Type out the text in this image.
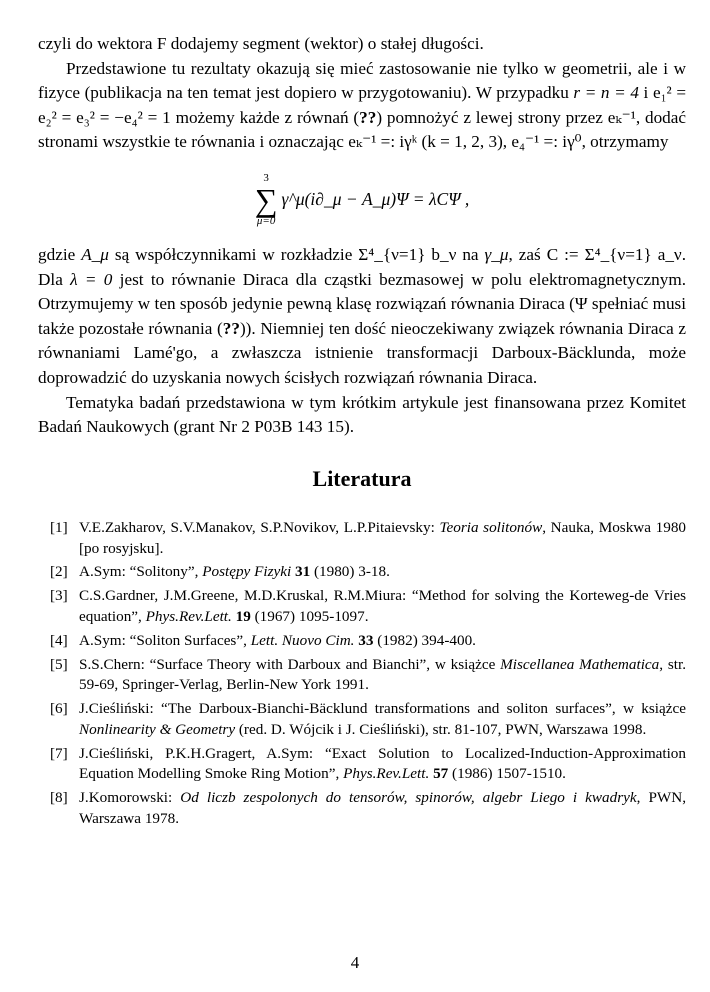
czyli do wektora F dodajemy segment (wektor) o stałej długości.

Przedstawione tu rezultaty okazują się mieć zastosowanie nie tylko w geometrii, ale i w fizyce (publikacja na ten temat jest dopiero w przygotowaniu). W przypadku r = n = 4 i e₁² = e₂² = e₃² = −e₄² = 1 możemy każde z równań (??) pomnożyć z lewej strony przez eₖ⁻¹, dodać stronami wszystkie te równania i oznaczając eₖ⁻¹ =: iγᵏ (k = 1, 2, 3), e₄⁻¹ =: iγ⁰, otrzymamy

3
∑
μ=0
γ^μ(i∂_μ − A_μ)Ψ = λCΨ ,

gdzie A_μ są współczynnikami w rozkładzie Σ⁴_{ν=1} b_ν na γ_μ, zaś C := Σ⁴_{ν=1} a_ν. Dla λ = 0 jest to równanie Diraca dla cząstki bezmasowej w polu elektromagnetycznym. Otrzymujemy w ten sposób jedynie pewną klasę rozwiązań równania Diraca (Ψ spełniać musi także pozostałe równania (??)). Niemniej ten dość nieoczekiwany związek równania Diraca z równaniami Lamé'go, a zwłaszcza istnienie transformacji Darboux-Bäcklunda, może doprowadzić do uzyskania nowych ścisłych rozwiązań równania Diraca.

Tematyka badań przedstawiona w tym krótkim artykule jest finansowana przez Komitet Badań Naukowych (grant Nr 2 P03B 143 15).

Literatura
[1] V.E.Zakharov, S.V.Manakov, S.P.Novikov, L.P.Pitaievsky: Teoria solitonów, Nauka, Moskwa 1980 [po rosyjsku].
[2] A.Sym: “Solitony”, Postępy Fizyki 31 (1980) 3-18.
[3] C.S.Gardner, J.M.Greene, M.D.Kruskal, R.M.Miura: “Method for solving the Korteweg-de Vries equation”, Phys.Rev.Lett. 19 (1967) 1095-1097.
[4] A.Sym: “Soliton Surfaces”, Lett. Nuovo Cim. 33 (1982) 394-400.
[5] S.S.Chern: “Surface Theory with Darboux and Bianchi”, w książce Miscellanea Mathematica, str. 59-69, Springer-Verlag, Berlin-New York 1991.
[6] J.Cieśliński: “The Darboux-Bianchi-Bäcklund transformations and soliton surfaces”, w książce Nonlinearity & Geometry (red. D. Wójcik i J. Cieśliński), str. 81-107, PWN, Warszawa 1998.
[7] J.Cieśliński, P.K.H.Gragert, A.Sym: “Exact Solution to Localized-Induction-Approximation Equation Modelling Smoke Ring Motion”, Phys.Rev.Lett. 57 (1986) 1507-1510.
[8] J.Komorowski: Od liczb zespolonych do tensorów, spinorów, algebr Liego i kwadryk, PWN, Warszawa 1978.
4
